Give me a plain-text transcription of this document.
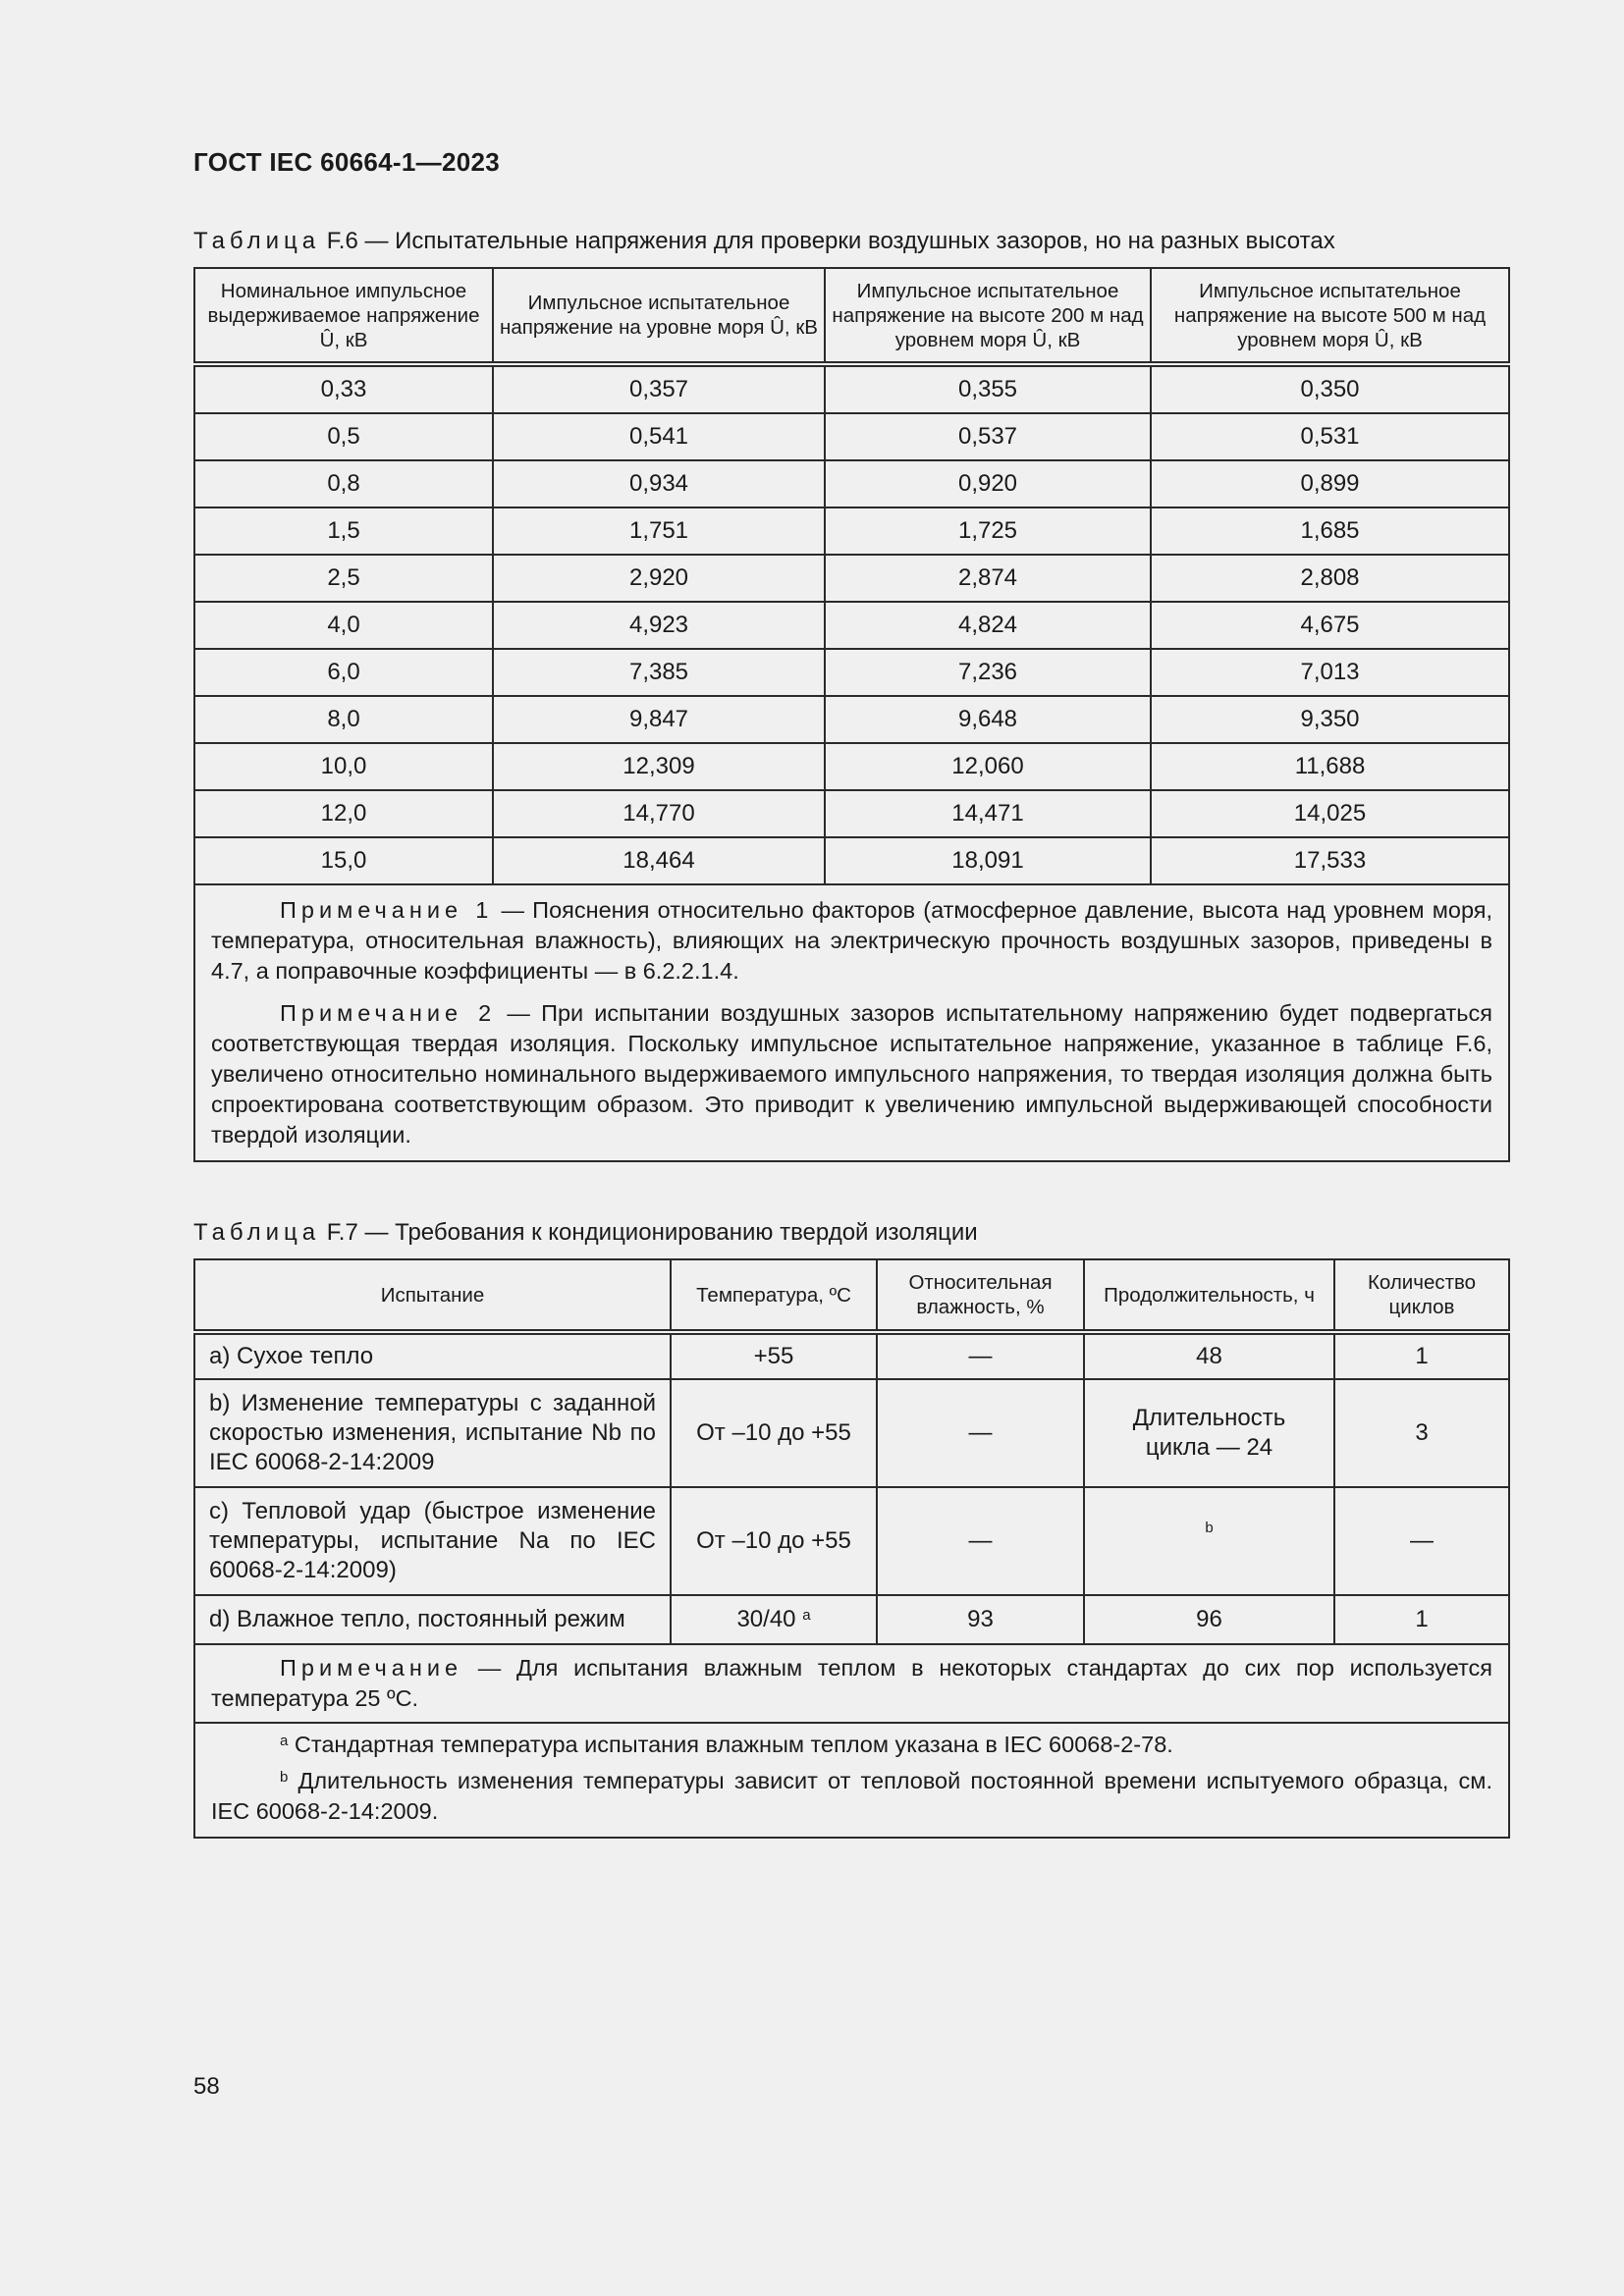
ГОСТ IEC 60664-1—2023
Таблица F.6 — Испытательные напряжения для проверки воздушных зазоров, но на разных высотах
Номинальное импульсное выдерживаемое напряжение Û, кВ	Импульсное испытательное напряжение на уровне моря Û, кВ	Импульсное испытательное напряжение на высоте 200 м над уровнем моря Û, кВ	Импульсное испытательное напряжение на высоте 500 м над уровнем моря Û, кВ
0,33	0,357	0,355	0,350
0,5	0,541	0,537	0,531
0,8	0,934	0,920	0,899
1,5	1,751	1,725	1,685
2,5	2,920	2,874	2,808
4,0	4,923	4,824	4,675
6,0	7,385	7,236	7,013
8,0	9,847	9,648	9,350
10,0	12,309	12,060	11,688
12,0	14,770	14,471	14,025
15,0	18,464	18,091	17,533

Примечание 1 — Пояснения относительно факторов (атмосферное давление, высота над уровнем моря, температура, относительная влажность), влияющих на электрическую прочность воздушных зазоров, приведены в 4.7, а поправочные коэффициенты — в 6.2.2.1.4.

Примечание 2 — При испытании воздушных зазоров испытательному напряжению будет подвергаться соответствующая твердая изоляция. Поскольку импульсное испытательное напряжение, указанное в таблице F.6, увеличено относительно номинального выдерживаемого импульсного напряжения, то твердая изоляция должна быть спроектирована соответствующим образом. Это приводит к увеличению импульсной выдерживающей способности твердой изоляции.			

Таблица F.7 — Требования к кондиционированию твердой изоляции
Испытание	Температура, ºС	Относительная влажность, %	Продолжительность, ч	Количество циклов
а) Сухое тепло	+55	—	48	1
b) Изменение температуры с заданной скоростью изменения, испытание Nb по IEC 60068-2-14:2009	От –10 до +55	—	Длительность цикла — 24	3
c) Тепловой удар (быстрое изменение температуры, испытание Na по IEC 60068-2-14:2009)	От –10 до +55	—	b	—
d) Влажное тепло, постоянный режим	30/40 $^a$	93	96	1

Примечание — Для испытания влажным теплом в некоторых стандартах до сих пор используется температура 25 ºС.				

$^a$ Стандартная температура испытания влажным теплом указана в IEC 60068-2-78.

$^b$ Длительность изменения температуры зависит от тепловой постоянной времени испытуемого образца, см. IEC 60068-2-14:2009.				

58
